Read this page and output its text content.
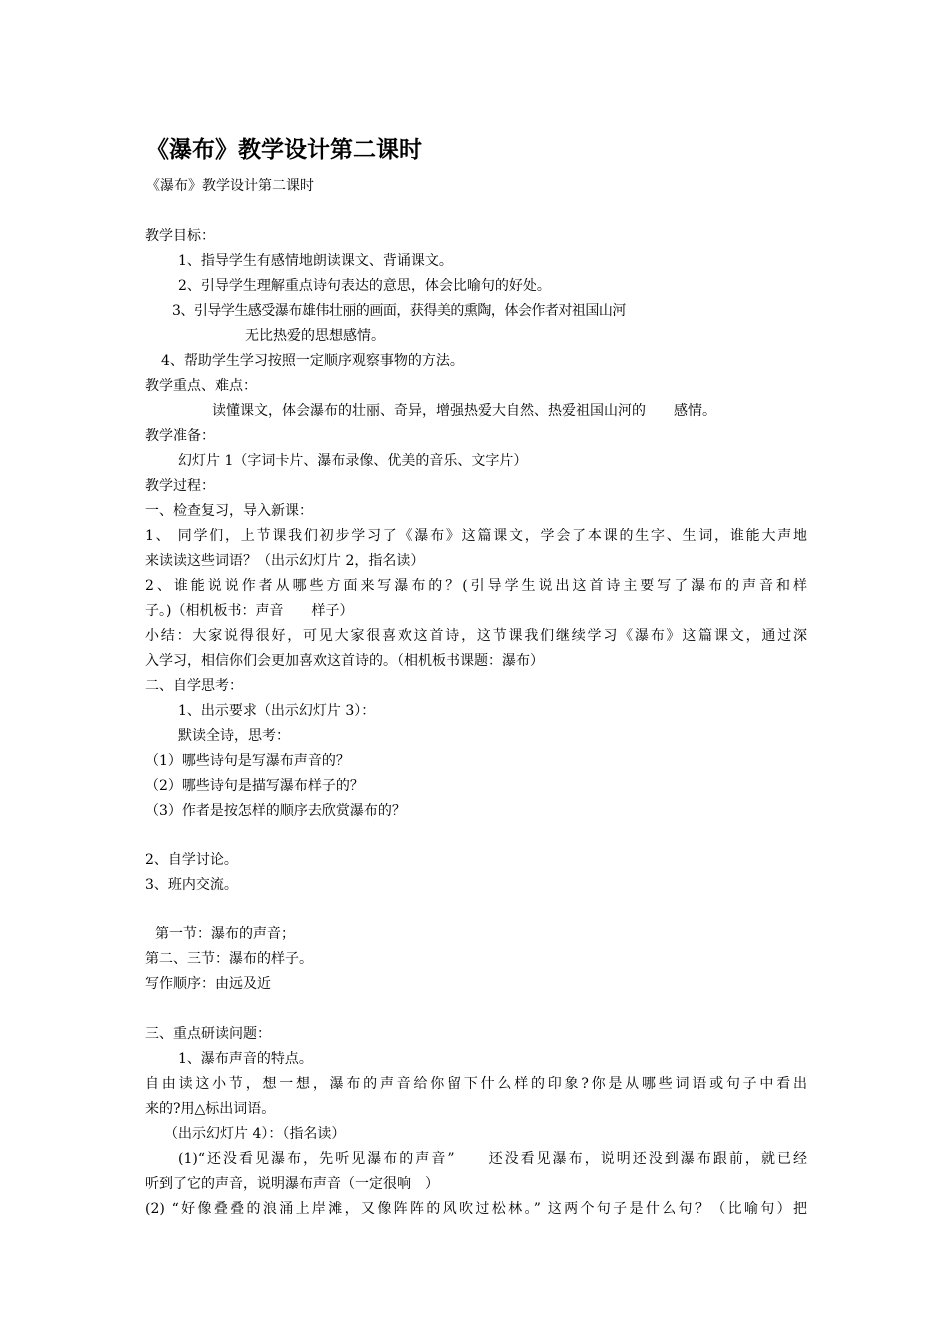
《瀑布》教学设计第二课时
《瀑布》教学设计第二课时
教学目标：
1、指导学生有感情地朗读课文、背诵课文。
2、引导学生理解重点诗句表达的意思，体会比喻句的好处。
3、引导学生感受瀑布雄伟壮丽的画面，获得美的熏陶，体会作者对祖国山河
无比热爱的思想感情。
4、帮助学生学习按照一定顺序观察事物的方法。
教学重点、难点：
读懂课文，体会瀑布的壮丽、奇异，增强热爱大自然、热爱祖国山河的　　感情。
教学准备：
幻灯片 1（字词卡片、瀑布录像、优美的音乐、文字片）
教学过程：
一、检查复习，导入新课：
1、 同学们，上节课我们初步学习了《瀑布》这篇课文，学会了本课的生字、生词，谁能大声地
来读读这些词语？（出示幻灯片 2，指名读）
2、谁能说说作者从哪些方面来写瀑布的？(引导学生说出这首诗主要写了瀑布的声音和样
子。)（相机板书：声音　　样子）
小结：大家说得很好，可见大家很喜欢这首诗，这节课我们继续学习《瀑布》这篇课文，通过深
入学习，相信你们会更加喜欢这首诗的。（相机板书课题：瀑布）
二、自学思考：
1、出示要求（出示幻灯片 3）：
默读全诗，思考：
（1）哪些诗句是写瀑布声音的？
（2）哪些诗句是描写瀑布样子的？
（3）作者是按怎样的顺序去欣赏瀑布的？
2、自学讨论。
3、班内交流。
第一节：瀑布的声音；
第二、三节：瀑布的样子。
写作顺序：由远及近
三、重点研读问题：
1、瀑布声音的特点。
自由读这小节，想一想，瀑布的声音给你留下什么样的印象?你是从哪些词语或句子中看出
来的?用△标出词语。
（出示幻灯片 4）：（指名读）
(1)“还没看见瀑布，先听见瀑布的声音”　　还没看见瀑布，说明还没到瀑布跟前，就已经
听到了它的声音，说明瀑布声音（一定很响　）
(2) “好像叠叠的浪涌上岸滩，又像阵阵的风吹过松林。” 这两个句子是什么句？（比喻句）把
